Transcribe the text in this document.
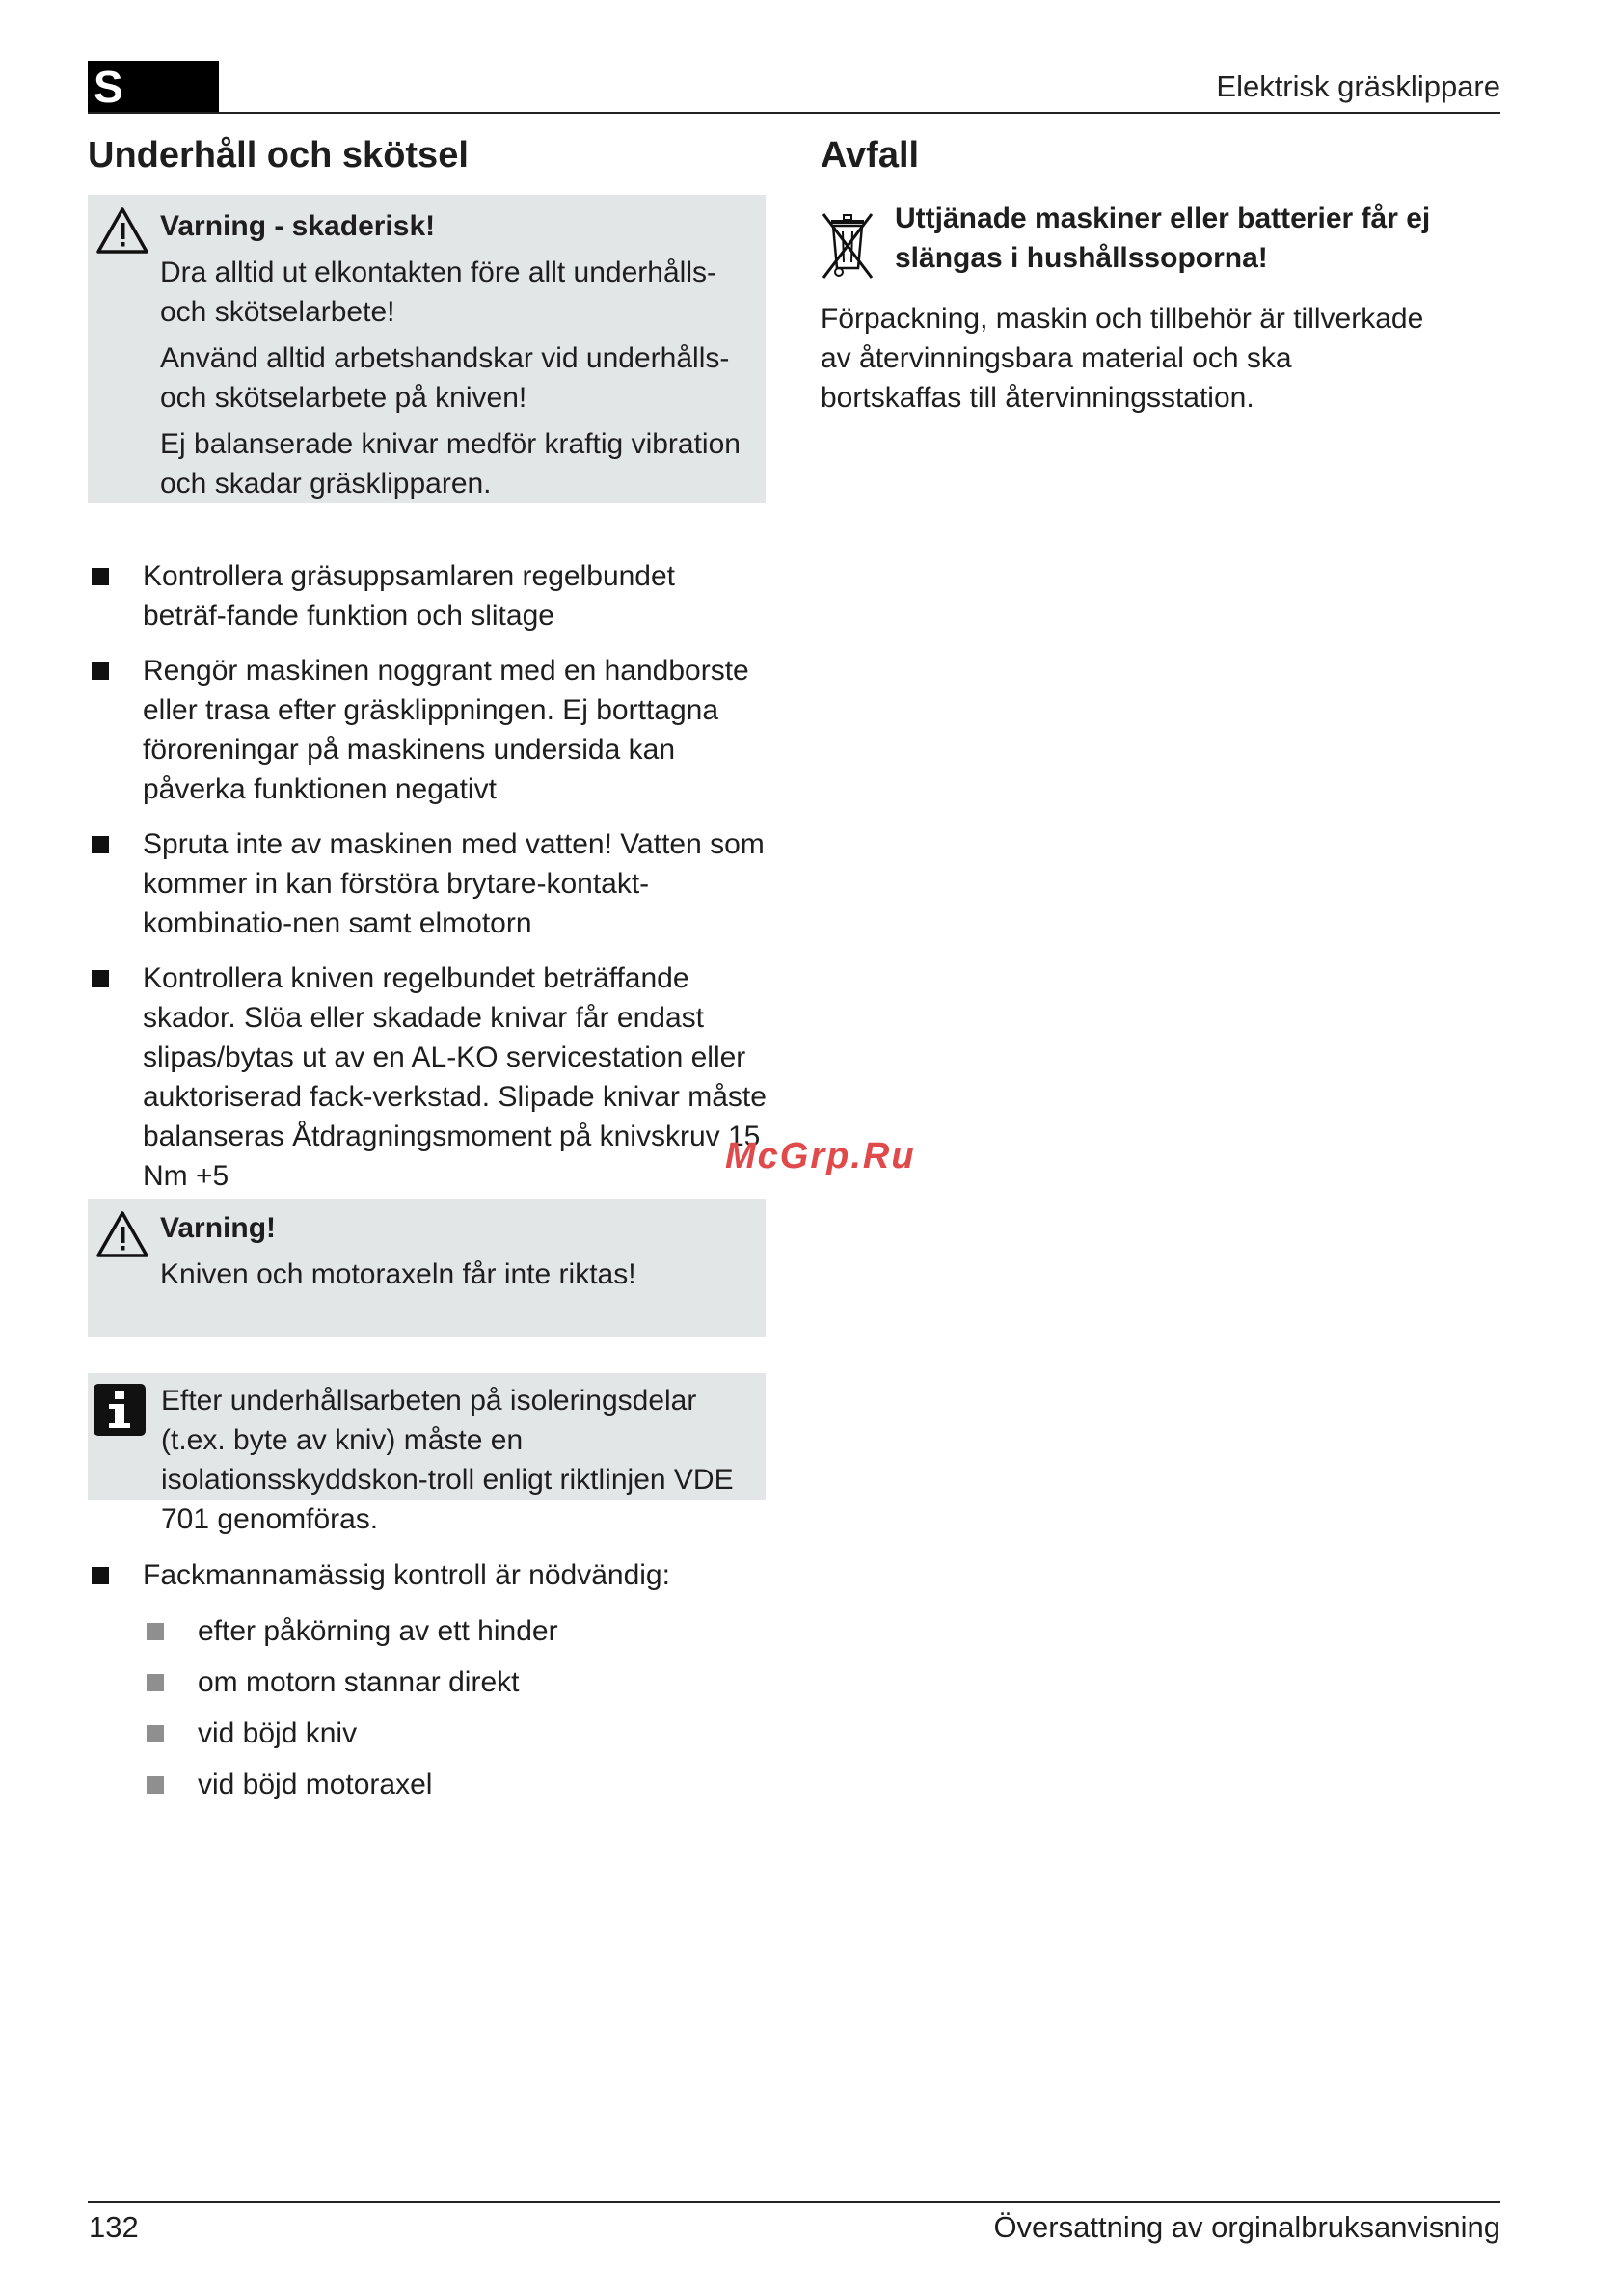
S	Elektrisk gräsklippare
Underhåll och skötsel
Varning - skaderisk!

Dra alltid ut elkontakten före allt underhålls- och skötselarbete!

Använd alltid arbetshandskar vid underhålls- och skötselarbete på kniven!

Ej balanserade knivar medför kraftig vibration och skadar gräsklipparen.

Kontrollera gräsuppsamlaren regelbundet beträf-fande funktion och slitage
Rengör maskinen noggrant med en handborste eller trasa efter gräsklippningen. Ej borttagna föroreningar på maskinens undersida kan påverka funktionen negativt
Spruta inte av maskinen med vatten! Vatten som kommer in kan förstöra brytare-kontakt-kombinatio-nen samt elmotorn
Kontrollera kniven regelbundet beträffande skador. Slöa eller skadade knivar får endast slipas/bytas ut av en AL-KO servicestation eller auktoriserad fack-verkstad. Slipade knivar måste balanseras Åtdragningsmoment på knivskruv 15 Nm +5	McGrp.Ru
Varning!
Kniven och motoraxeln får inte riktas!
Efter underhållsarbeten på isoleringsdelar (t.ex. byte av kniv) måste en isolationsskyddskon-troll enligt riktlinjen VDE 701 genomföras.
Fackmannamässig kontroll är nödvändig:
efter påkörning av ett hinder
om motorn stannar direkt
vid böjd kniv
vid böjd motoraxel
Avfall
Uttjänade maskiner eller batterier får ej slängas i hushållssoporna!
Förpackning, maskin och tillbehör är tillverkade av återvinningsbara material och ska bortskaffas till återvinningsstation.
132	Översattning av orginalbruksanvisning
